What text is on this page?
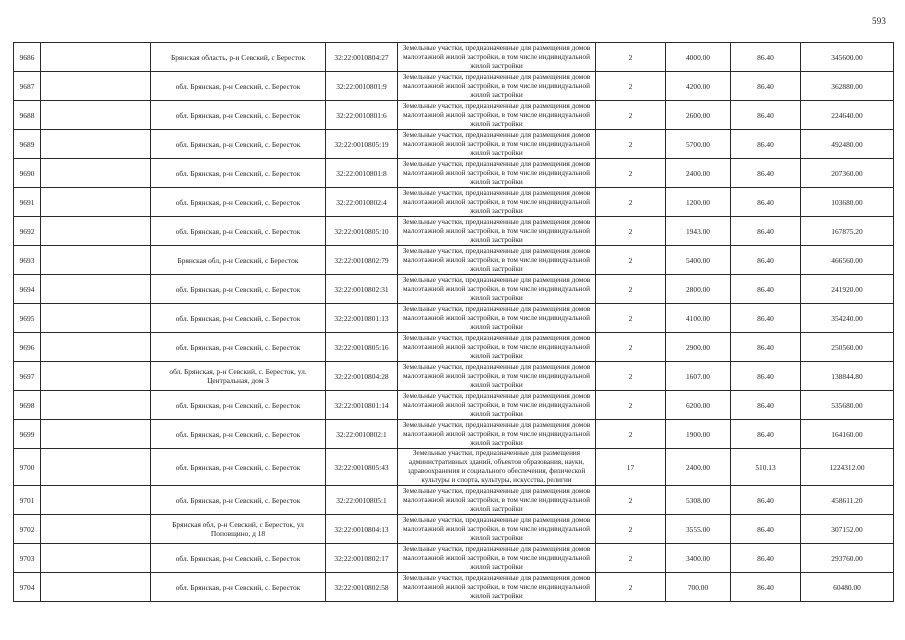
593
9686		Брянская область, р-н Севский, с Бересток	32:22:0010804:27	Земельные участки, предназначенные для размещения домов малоэтажной жилой застройки, в том числе индивидуальной жилой застройки	2	4000.00	86.40	345600.00
9687		обл. Брянская, р-н Севский, с. Бересток	32:22:0010801:9	Земельные участки, предназначенные для размещения домов малоэтажной жилой застройки, в том числе индивидуальной жилой застройки	2	4200.00	86.40	362880.00
9688		обл. Брянская, р-н Севский, с. Бересток	32:22:0010801:6	Земельные участки, предназначенные для размещения домов малоэтажной жилой застройки, в том числе индивидуальной жилой застройки	2	2600.00	86.40	224640.00
9689		обл. Брянская, р-н Севский, с. Бересток	32:22:0010805:19	Земельные участки, предназначенные для размещения домов малоэтажной жилой застройки, в том числе индивидуальной жилой застройки	2	5700.00	86.40	492480.00
9690		обл. Брянская, р-н Севский, с. Бересток	32:22:0010801:8	Земельные участки, предназначенные для размещения домов малоэтажной жилой застройки, в том числе индивидуальной жилой застройки	2	2400.00	86.40	207360.00
9691		обл. Брянская, р-н Севский, с. Бересток	32:22:0010802:4	Земельные участки, предназначенные для размещения домов малоэтажной жилой застройки, в том числе индивидуальной жилой застройки	2	1200.00	86.40	103680.00
9692		обл. Брянская, р-н Севский, с. Бересток	32:22:0010805:10	Земельные участки, предназначенные для размещения домов малоэтажной жилой застройки, в том числе индивидуальной жилой застройки	2	1943.00	86.40	167875.20
9693		Брянская обл, р-н Севский, с Бересток	32:22:0010802:79	Земельные участки, предназначенные для размещения домов малоэтажной жилой застройки, в том числе индивидуальной жилой застройки	2	5400.00	86.40	466560.00
9694		обл. Брянская, р-н Севский, с. Бересток	32:22:0010802:31	Земельные участки, предназначенные для размещения домов малоэтажной жилой застройки, в том числе индивидуальной жилой застройки	2	2800.00	86.40	241920.00
9695		обл. Брянская, р-н Севский, с. Бересток	32:22:0010801:13	Земельные участки, предназначенные для размещения домов малоэтажной жилой застройки, в том числе индивидуальной жилой застройки	2	4100.00	86.40	354240.00
9696		обл. Брянская, р-н Севский, с. Бересток	32:22:0010805:16	Земельные участки, предназначенные для размещения домов малоэтажной жилой застройки, в том числе индивидуальной жилой застройки	2	2900.00	86.40	250560.00
9697		обл. Брянская, р-н Севский, с. Бересток, ул. Центральная, дом 3	32:22:0010804:28	Земельные участки, предназначенные для размещения домов малоэтажной жилой застройки, в том числе индивидуальной жилой застройки	2	1607.00	86.40	138844.80
9698		обл. Брянская, р-н Севский, с. Бересток	32:22:0010801:14	Земельные участки, предназначенные для размещения домов малоэтажной жилой застройки, в том числе индивидуальной жилой застройки	2	6200.00	86.40	535680.00
9699		обл. Брянская, р-н Севский, с. Бересток	32:22:0010802:1	Земельные участки, предназначенные для размещения домов малоэтажной жилой застройки, в том числе индивидуальной жилой застройки	2	1900.00	86.40	164160.00
9700		обл. Брянская, р-н Севский, с. Бересток	32:22:0010805:43	Земельные участки, предназначенные для размещения административных зданий, объектов образования, науки, здравоохранения и социального обеспечения, физической культуры и спорта, культуры, искусства, религии	17	2400.00	510.13	1224312.00
9701		обл. Брянская, р-н Севский, с. Бересток	32:22:0010805:1	Земельные участки, предназначенные для размещения домов малоэтажной жилой застройки, в том числе индивидуальной жилой застройки	2	5308.00	86.40	458611.20
9702		Брянская обл, р-н Севский, с Бересток, ул Поповщино, д 18	32:22:0010804:13	Земельные участки, предназначенные для размещения домов малоэтажной жилой застройки, в том числе индивидуальной жилой застройки	2	3555.00	86.40	307152.00
9703		обл. Брянская, р-н Севский, с. Бересток	32:22:0010802:17	Земельные участки, предназначенные для размещения домов малоэтажной жилой застройки, в том числе индивидуальной жилой застройки	2	3400.00	86.40	293760.00
9704		обл. Брянская, р-н Севский, с. Бересток	32:22:0010802:58	Земельные участки, предназначенные для размещения домов малоэтажной жилой застройки, в том числе индивидуальной жилой застройки	2	700.00	86.40	60480.00
